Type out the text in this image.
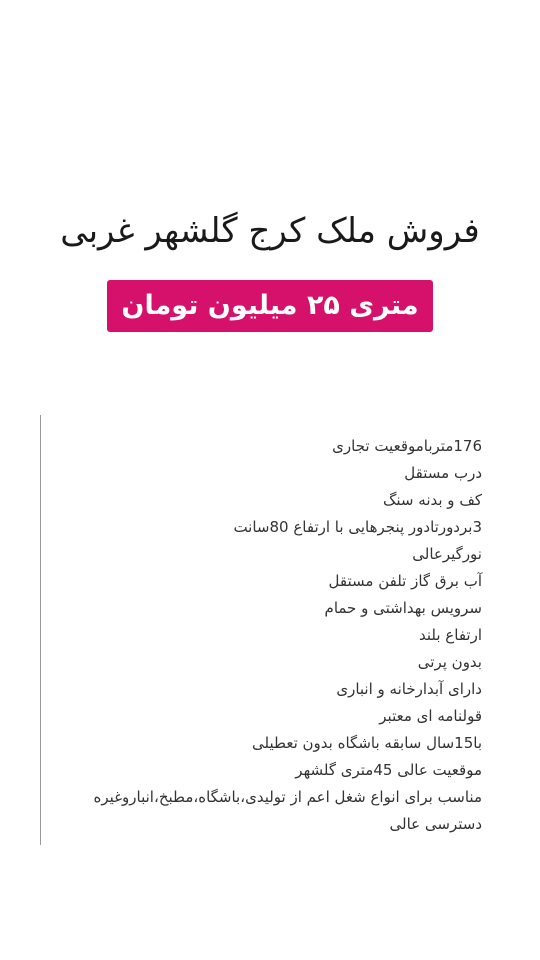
فروش ملک کرج گلشهر غربی
متری ۲۵ میلیون تومان
176متربا‌موقعیت تجاری
درب مستقل
کف و بدنه سنگ
3بردورتادور پنجرهایی با ارتفاع 80سانت
نورگیرعالی
آب برق گاز تلفن مستقل
سرویس بهداشتی و حمام
ارتفاع بلند
بدون پرتی
دارای آبدارخانه و انباری
قولنامه ای معتبر
با15سال سابقه باشگاه بدون تعطیلی
موقعیت عالی 45متری گلشهر
مناسب برای انواع شغل اعم از تولیدی،باشگاه،مطبخ،انباروغیره
دسترسی عالی
